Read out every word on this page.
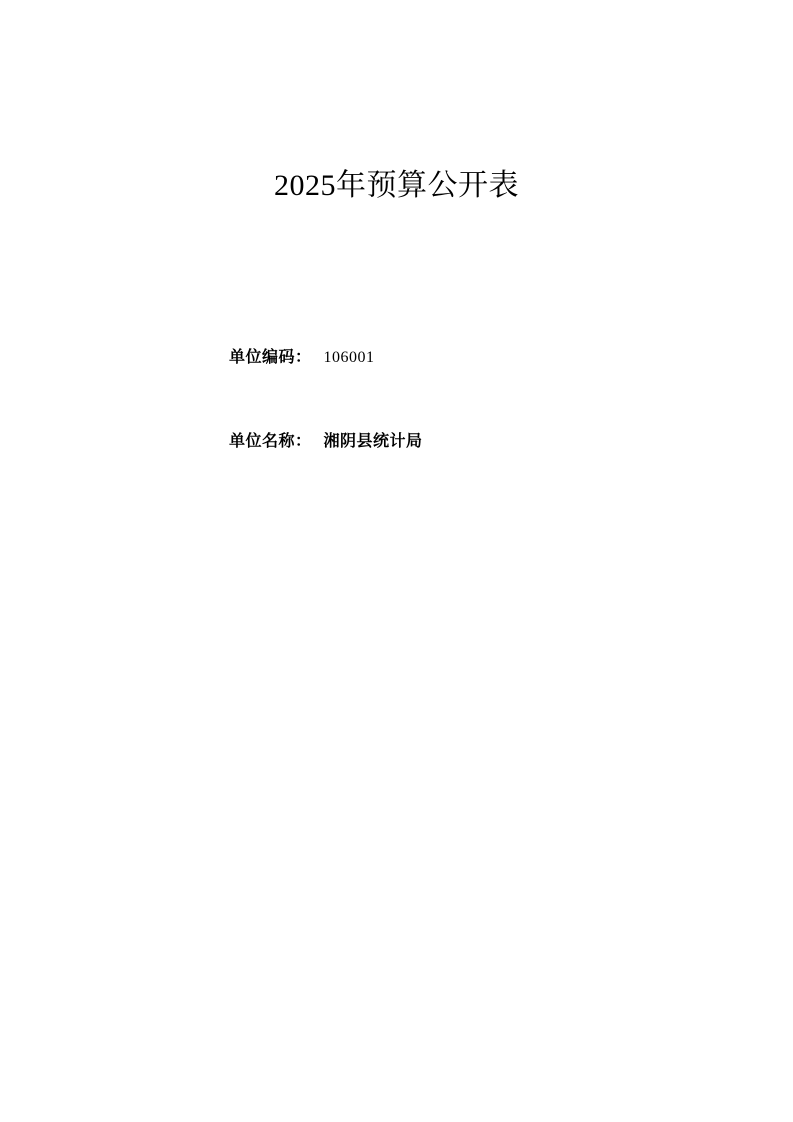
2025年预算公开表
单位编码： 106001
单位名称： 湘阴县统计局
